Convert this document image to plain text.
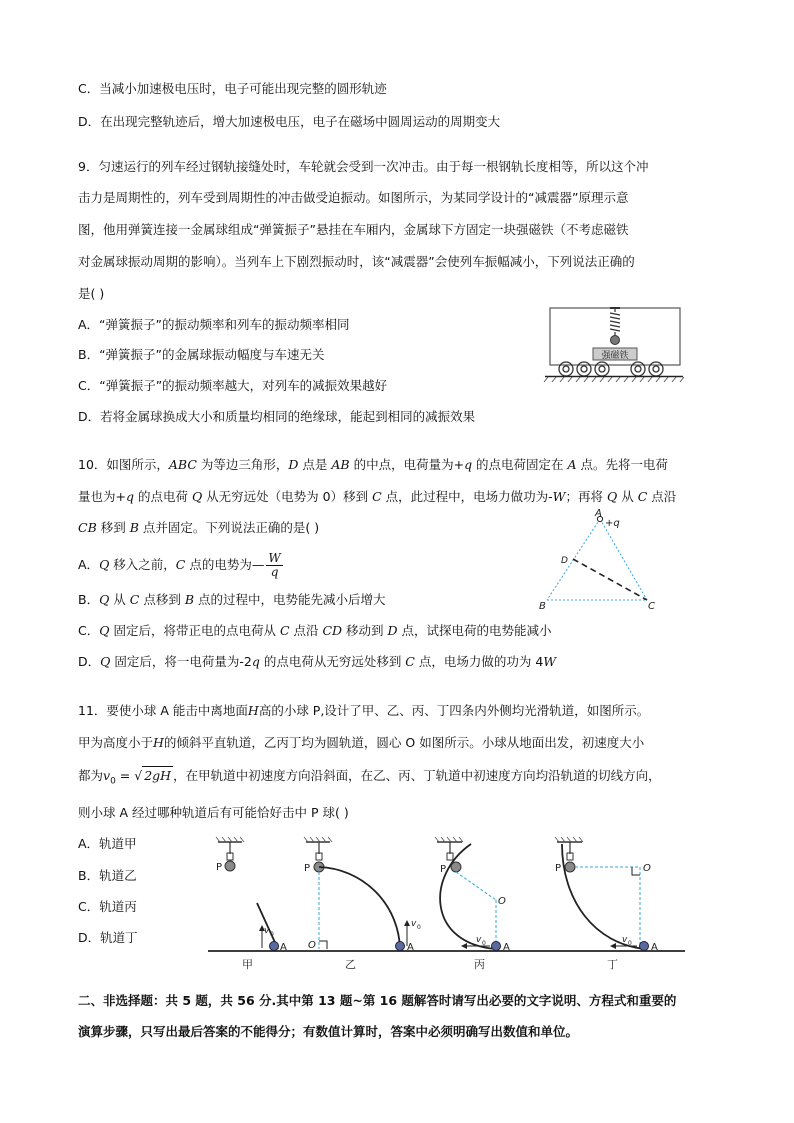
C．当减小加速极电压时，电子可能出现完整的圆形轨迹
D．在出现完整轨迹后，增大加速极电压，电子在磁场中圆周运动的周期变大
9．匀速运行的列车经过钢轨接缝处时，车轮就会受到一次冲击。由于每一根钢轨长度相等，所以这个冲
击力是周期性的，列车受到周期性的冲击做受迫振动。如图所示，为某同学设计的“减震器”原理示意
图，他用弹簧连接一金属球组成“弹簧振子”悬挂在车厢内，金属球下方固定一块强磁铁（不考虑磁铁
对金属球振动周期的影响）。当列车上下剧烈振动时，该“减震器”会使列车振幅减小，下列说法正确的
是( )
A．“弹簧振子”的振动频率和列车的振动频率相同
B．“弹簧振子”的金属球振动幅度与车速无关
C．“弹簧振子”的振动频率越大，对列车的减振效果越好
D．若将金属球换成大小和质量均相同的绝缘球，能起到相同的减振效果
强磁铁
10．如图所示，ABC 为等边三角形，D 点是 AB 的中点，电荷量为+q 的点电荷固定在 A 点。先将一电荷
量也为+q 的点电荷 Q 从无穷远处（电势为 0）移到 C 点，此过程中，电场力做功为-W；再将 Q 从 C 点沿
CB 移到 B 点并固定。下列说法正确的是( )
A．Q 移入之前，C 点的电势为— $\frac{W}{q}$
B．Q 从 C 点移到 B 点的过程中，电势能先减小后增大
C．Q 固定后，将带正电的点电荷从 C 点沿 CD 移动到 D 点，试探电荷的电势能减小
D．Q 固定后，将一电荷量为-2q 的点电荷从无穷远处移到 C 点，电场力做的功为 4W
A
+q
D
B	C
11．要使小球 A 能击中离地面H高的小球 P,设计了甲、乙、丙、丁四条内外侧均光滑轨道，如图所示。
甲为高度小于H的倾斜平直轨道，乙丙丁均为圆轨道，圆心 O 如图所示。小球从地面出发，初速度大小
都为$v_0$ = √ 2gH ，在甲轨道中初速度方向沿斜面，在乙、丙、丁轨道中初速度方向均沿轨道的切线方向，
则小球 A 经过哪种轨道后有可能恰好击中 P 球( )
A．轨道甲
B．轨道乙
C．轨道丙
D．轨道丁
P
v 0
A
甲
P
O
v 0
A
乙
P
O
v 0 A
丙
P	O
v 0 A
丁
二、非选择题：共 5 题，共 56 分.其中第 13 题~第 16 题解答时请写出必要的文字说明、方程式和重要的
演算步骤，只写出最后答案的不能得分；有数值计算时，答案中必须明确写出数值和单位。
